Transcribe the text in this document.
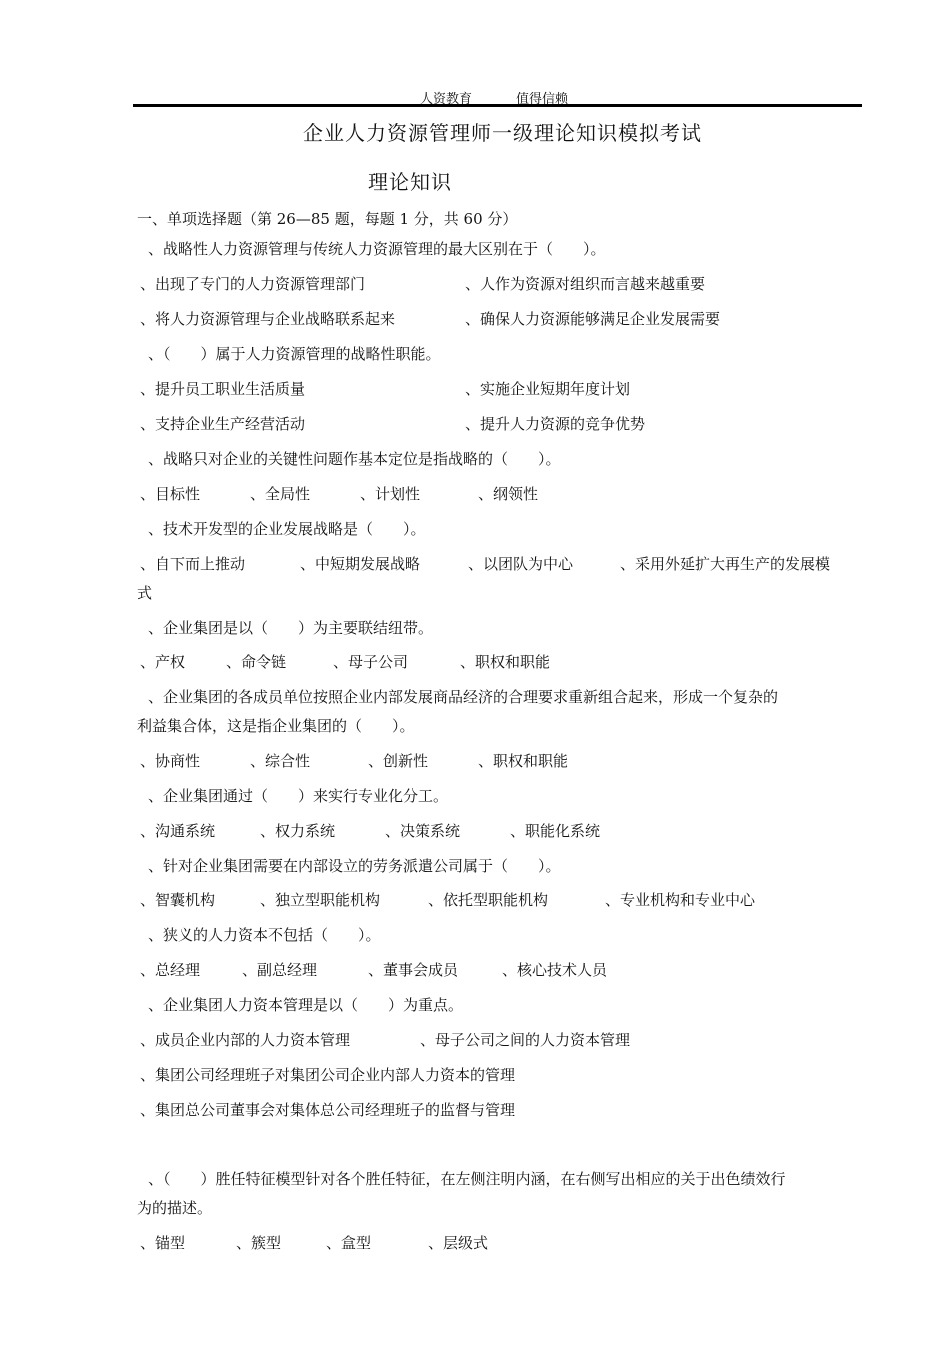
人资教育	值得信赖
企业人力资源管理师一级理论知识模拟考试
理论知识
一、单项选择题（第 26—85 题，每题 1 分，共 60 分）
、战略性人力资源管理与传统人力资源管理的最大区别在于（　　）。
、出现了专门的人力资源管理部门	、人作为资源对组织而言越来越重要
、将人力资源管理与企业战略联系起来	、确保人力资源能够满足企业发展需要
、（　　）属于人力资源管理的战略性职能。
、提升员工职业生活质量	、实施企业短期年度计划
、支持企业生产经营活动	、提升人力资源的竞争优势
、战略只对企业的关键性问题作基本定位是指战略的（　　）。
、目标性	、全局性	、计划性	、纲领性
、技术开发型的企业发展战略是（　　）。
、自下而上推动	、中短期发展战略	、以团队为中心	、采用外延扩大再生产的发展模
式
、企业集团是以（　　）为主要联结纽带。
、产权	、命令链	、母子公司	、职权和职能
、企业集团的各成员单位按照企业内部发展商品经济的合理要求重新组合起来，形成一个复杂的
利益集合体，这是指企业集团的（　　）。
、协商性	、综合性	、创新性	、职权和职能
、企业集团通过（　　）来实行专业化分工。
、沟通系统	、权力系统	、决策系统	、职能化系统
、针对企业集团需要在内部设立的劳务派遣公司属于（　　）。
、智囊机构	、独立型职能机构	、依托型职能机构	、专业机构和专业中心
、狭义的人力资本不包括（　　）。
、总经理	、副总经理	、董事会成员	、核心技术人员
、企业集团人力资本管理是以（　　）为重点。
、成员企业内部的人力资本管理	、母子公司之间的人力资本管理
、集团公司经理班子对集团公司企业内部人力资本的管理
、集团总公司董事会对集体总公司经理班子的监督与管理
、（　　）胜任特征模型针对各个胜任特征，在左侧注明内涵，在右侧写出相应的关于出色绩效行
为的描述。
、锚型	、簇型	、盒型	、层级式
